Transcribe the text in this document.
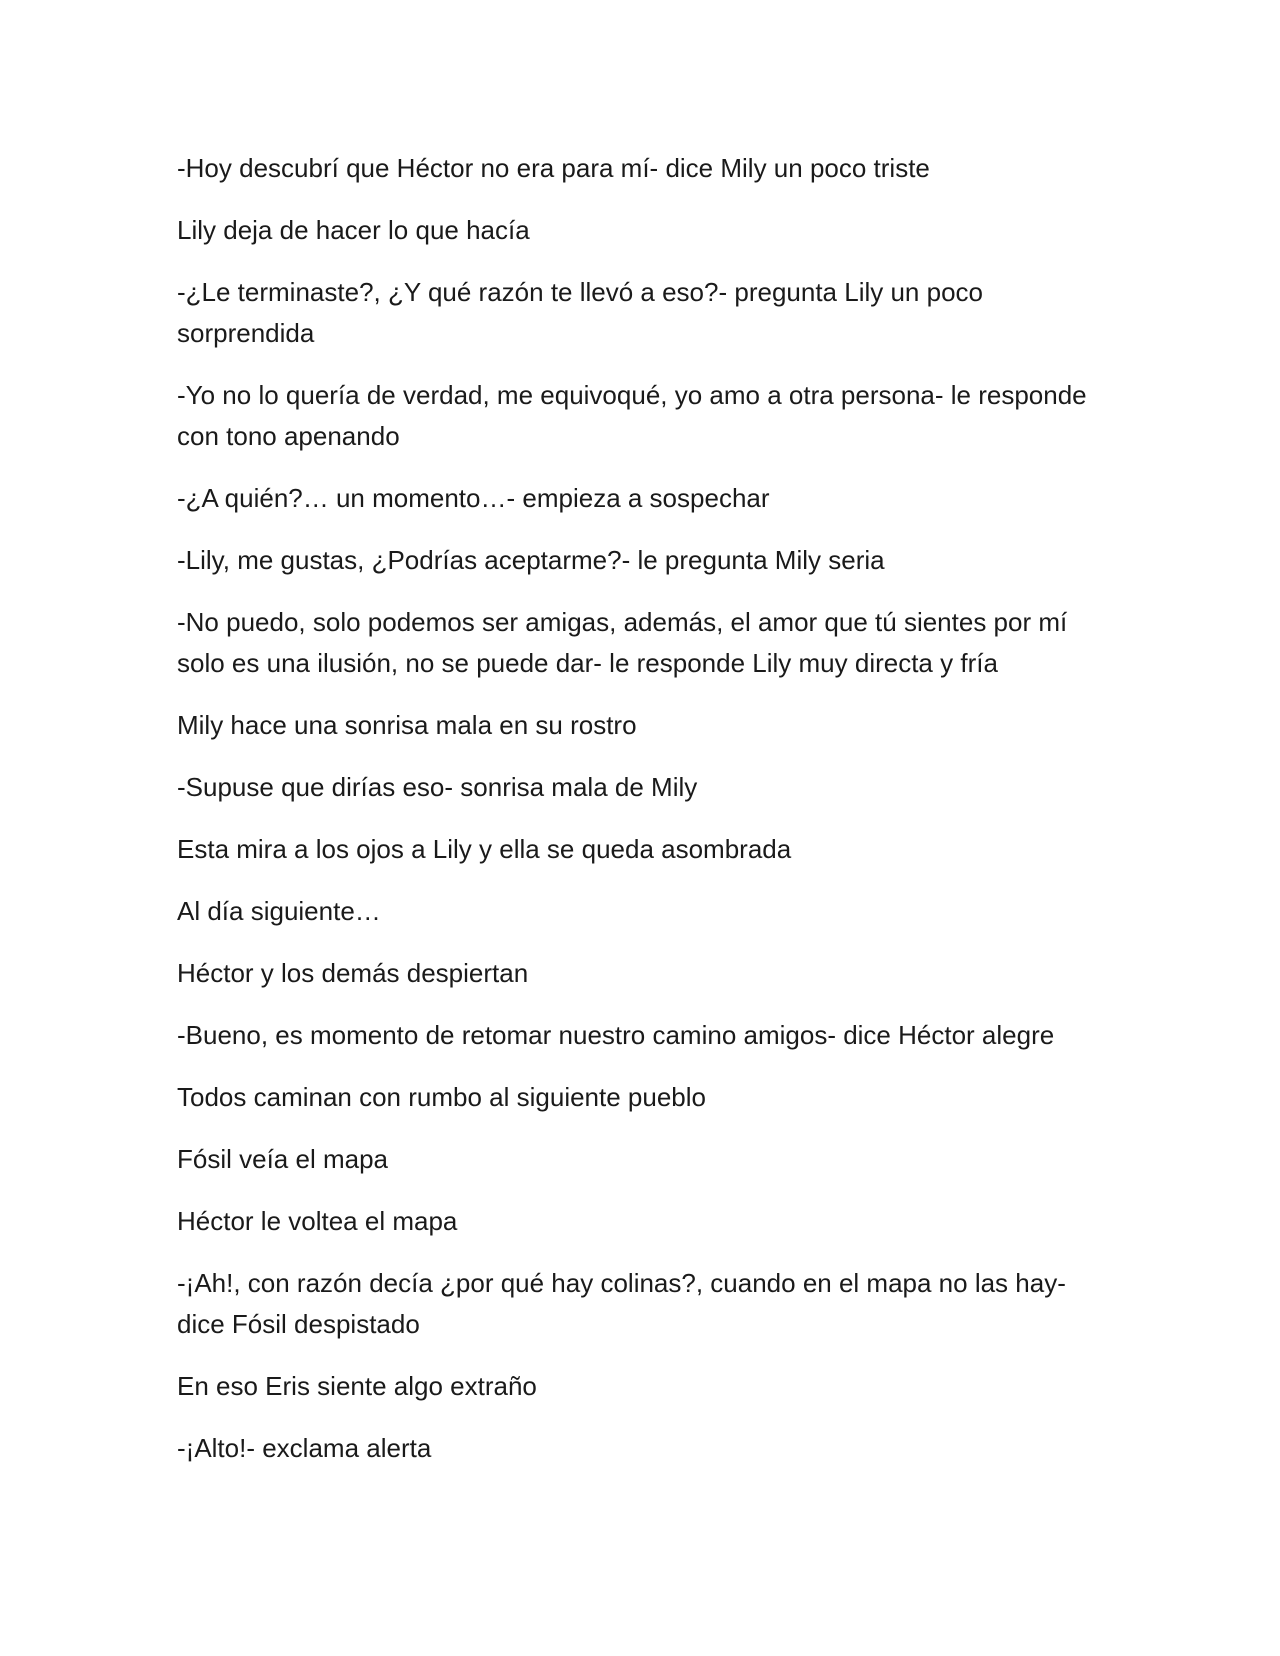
-Hoy descubrí que Héctor no era para mí- dice Mily un poco triste

Lily deja de hacer lo que hacía

-¿Le terminaste?, ¿Y qué razón te llevó a eso?- pregunta Lily un poco sorprendida

-Yo no lo quería de verdad, me equivoqué, yo amo a otra persona- le responde con tono apenando

-¿A quién?… un momento…- empieza a sospechar

-Lily, me gustas, ¿Podrías aceptarme?- le pregunta Mily seria

-No puedo, solo podemos ser amigas, además, el amor que tú sientes por mí solo es una ilusión, no se puede dar- le responde Lily muy directa y fría

Mily hace una sonrisa mala en su rostro

-Supuse que dirías eso- sonrisa mala de Mily

Esta mira a los ojos a Lily y ella se queda asombrada

Al día siguiente…

Héctor y los demás despiertan

-Bueno, es momento de retomar nuestro camino amigos- dice Héctor alegre

Todos caminan con rumbo al siguiente pueblo

Fósil veía el mapa

Héctor le voltea el mapa

-¡Ah!, con razón decía ¿por qué hay colinas?, cuando en el mapa no las hay- dice Fósil despistado

En eso Eris siente algo extraño

-¡Alto!- exclama alerta
